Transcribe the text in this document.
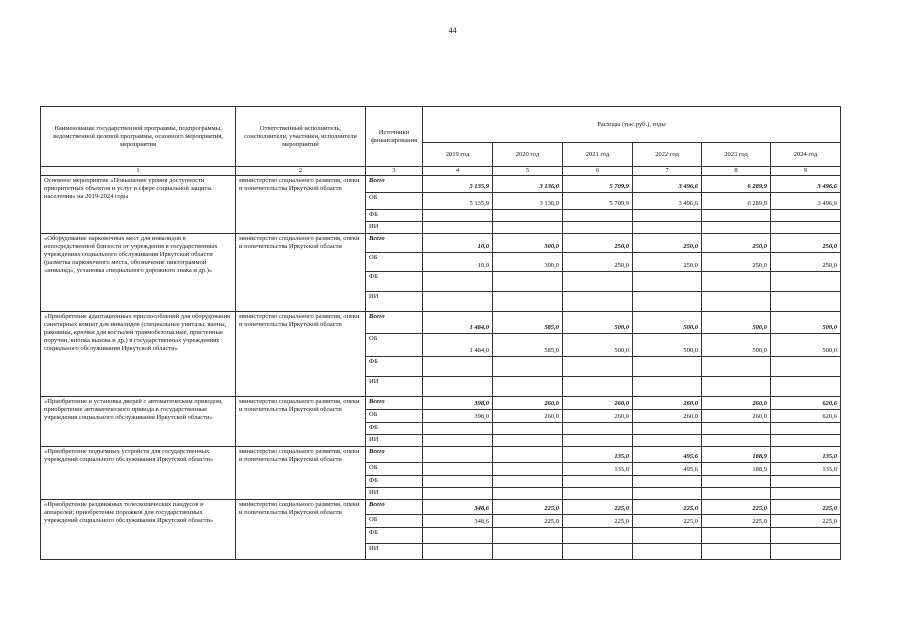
44
Наименование государственной программы, подпрограммы, ведомственной целевой программы, основного мероприятия, мероприятия	Ответственный исполнитель, соисполнители, участники, исполнители мероприятий	Источники финансирования	Расходы (тыс.руб.), годы					
			2019 год	2020 год	2021 год	2022 год	2023 год	2024 год
1	2	3	4	5	6	7	8	9
Основное мероприятие «Повышение уровня доступности приоритетных объектов и услуг в сфере социальной защиты населения» на 2019-2024 годы	министерство социального развития, опеки и попечительства Иркутской области	Всего	5 135,9	3 136,0	5 709,9	3 496,6	6 289,9	3 496,6
		ОБ	5 135,9	3 136,0	5 709,9	3 496,6	6 289,9	3 496,6
		ФБ						
		ИИ						
«Оборудование парковочных мест для инвалидов в непосредственной близости от учреждения в государственных учреждениях социального обслуживания Иркутской области (разметка парковочного места, обозначение пиктограммой «инвалид», установка специального дорожного знака и др.)»	министерство социального развития, опеки и попечительства Иркутской области	Всего	10,0	300,0	250,0	250,0	250,0	250,0
		ОБ	10,0	300,0	250,0	250,0	250,0	250,0
		ФБ						
		ИИ						
«Приобретение адаптационных приспособлений для оборудования санитарных комнат для инвалидов (специальные унитазы, ванны, раковины, крючки для костылей травмобезопасные, пристенные поручни, кнопка вызова и др.) в государственных учреждениях социального обслуживания Иркутской области»	министерство социального развития, опеки и попечительства Иркутской области	Всего	1 484,0	585,0	500,0	500,0	500,0	500,0
		ОБ	1 484,0	585,0	500,0	500,0	500,0	500,0
		ФБ						
		ИИ						
«Приобретение и установка дверей с автоматическим приводом, приобретение автоматического привода в государственные учреждения социального обслуживания Иркутской области»	министерство социального развития, опеки и попечительства Иркутской области	Всего	398,0	260,0	260,0	260,0	260,0	620,6
		ОБ	398,0	260,0	260,0	260,0	260,0	620,6
		ФБ						
		ИИ						
«Приобретение подъемных устройств для государственных учреждений социального обслуживания Иркутской области»	министерство социального развития, опеки и попечительства Иркутской области	Всего			135,0	495,6	188,9	135,0
		ОБ			135,0	495,6	188,9	135,0
		ФБ						
		ИИ						
«Приобретение раздвижных телескопических пандусов и аппарелей; приобретение порожков для государственных учреждений социального обслуживания Иркутской области»	министерство социального развития, опеки и попечительства Иркутской области	Всего	348,6	225,0	225,0	225,0	225,0	225,0
		ОБ	348,6	225,0	225,0	225,0	225,0	225,0
		ФБ						
		ИИ						
